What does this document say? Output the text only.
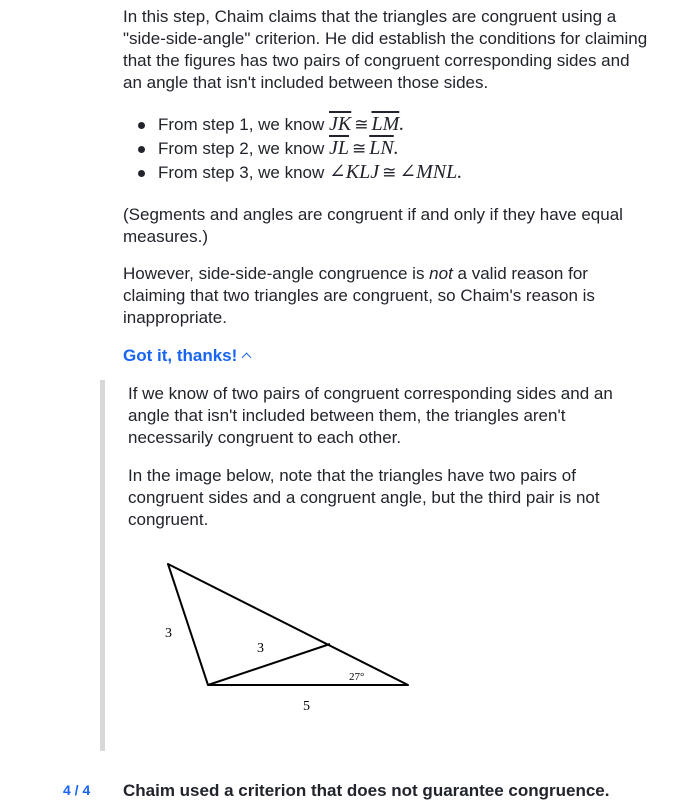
In this step, Chaim claims that the triangles are congruent using a "side-side-angle" criterion. He did establish the conditions for claiming that the figures has two pairs of congruent corresponding sides and an angle that isn't included between those sides.

From step 1, we know $\overline{JK}$ ≅ $\overline{LM}$.
From step 2, we know $\overline{JL}$ ≅ $\overline{LN}$.
From step 3, we know ∠KLJ ≅ ∠MNL.

(Segments and angles are congruent if and only if they have equal measures.)

However, side-side-angle congruence is not a valid reason for claiming that two triangles are congruent, so Chaim's reason is inappropriate.

Got it, thanks!

If we know of two pairs of congruent corresponding sides and an angle that isn't included between them, the triangles aren't necessarily congruent to each other.

In the image below, note that the triangles have two pairs of congruent sides and a congruent angle, but the third pair is not congruent.

3
3
27°
5
4 / 4 Chaim used a criterion that does not guarantee congruence.
